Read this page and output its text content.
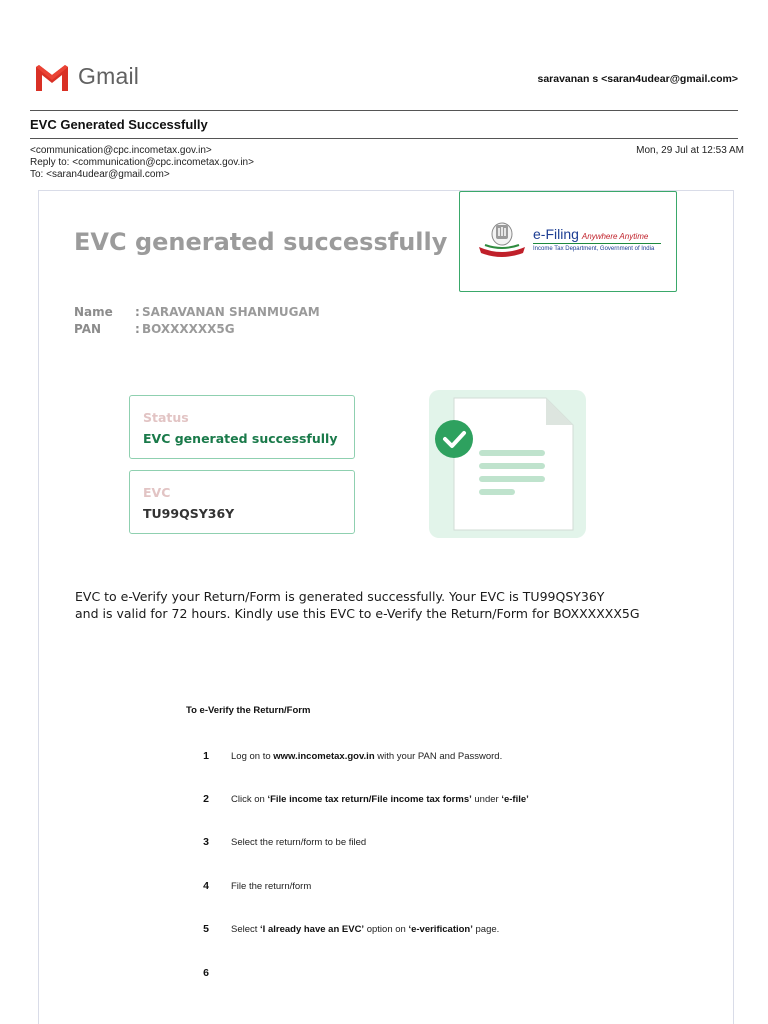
Gmail	saravanan s <saran4udear@gmail.com>
EVC Generated Successfully
<communication@cpc.incometax.gov.in>
Reply to: <communication@cpc.incometax.gov.in>
To: <saran4udear@gmail.com>
Mon, 29 Jul at 12:53 AM
EVC generated successfully	e-Filing Anywhere Anytime
Income Tax Department, Government of India
Name : SARAVANAN SHANMUGAM
PAN	: BOXXXXXX5G
Status
EVC generated successfully
EVC
TU99QSY36Y
EVC to e-Verify your Return/Form is generated successfully. Your EVC is TU99QSY36Y
and is valid for 72 hours. Kindly use this EVC to e-Verify the Return/Form for BOXXXXXX5G
To e-Verify the Return/Form
1	Log on to www.incometax.gov.in with your PAN and Password.
2	Click on ‘File income tax return/File income tax forms’ under ‘e-file’
3	Select the return/form to be filed
4	File the return/form
5	Select ‘I already have an EVC’ option on ‘e-verification’ page.
6
